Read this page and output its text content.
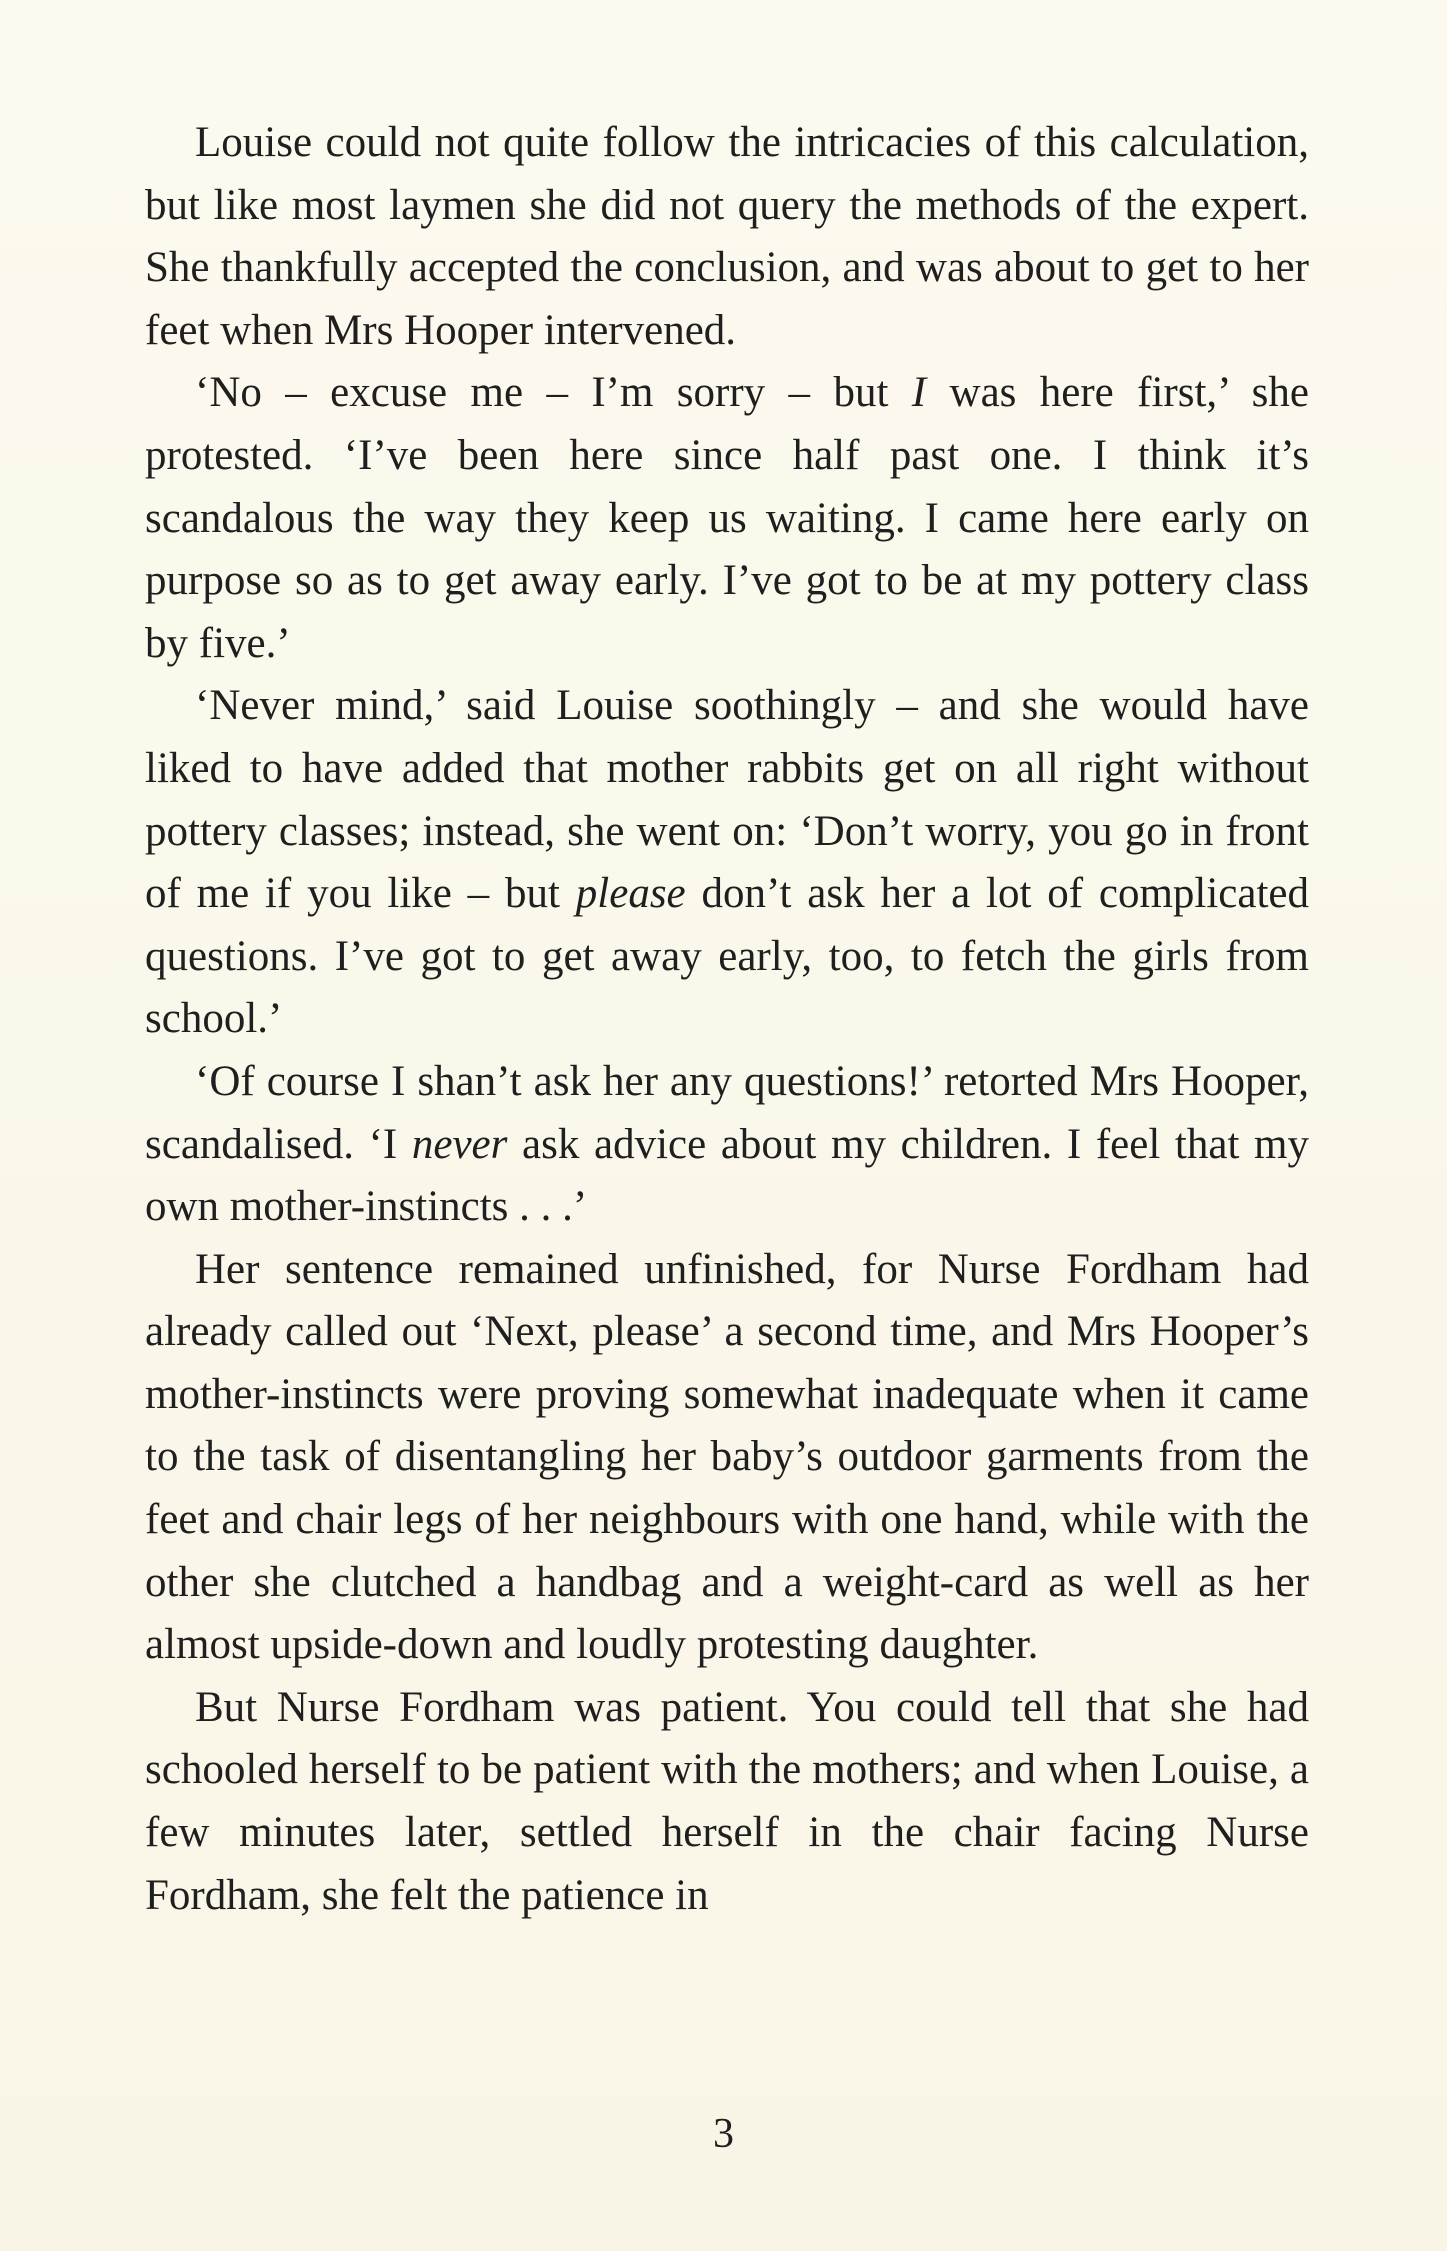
Louise could not quite follow the intricacies of this calculation, but like most laymen she did not query the methods of the expert. She thankfully accepted the conclusion, and was about to get to her feet when Mrs Hooper intervened.

‘No – excuse me – I’m sorry – but I was here first,’ she protested. ‘I’ve been here since half past one. I think it’s scandalous the way they keep us waiting. I came here early on purpose so as to get away early. I’ve got to be at my pottery class by five.’

‘Never mind,’ said Louise soothingly – and she would have liked to have added that mother rabbits get on all right without pottery classes; instead, she went on: ‘Don’t worry, you go in front of me if you like – but please don’t ask her a lot of complicated questions. I’ve got to get away early, too, to fetch the girls from school.’

‘Of course I shan’t ask her any questions!’ retorted Mrs Hooper, scandalised. ‘I never ask advice about my children. I feel that my own mother-instincts . . .’

Her sentence remained unfinished, for Nurse Fordham had already called out ‘Next, please’ a second time, and Mrs Hooper’s mother-instincts were proving somewhat inadequate when it came to the task of disentangling her baby’s outdoor garments from the feet and chair legs of her neighbours with one hand, while with the other she clutched a handbag and a weight-card as well as her almost upside-down and loudly protesting daughter.

But Nurse Fordham was patient. You could tell that she had schooled herself to be patient with the mothers; and when Louise, a few minutes later, settled herself in the chair facing Nurse Fordham, she felt the patience in

3
